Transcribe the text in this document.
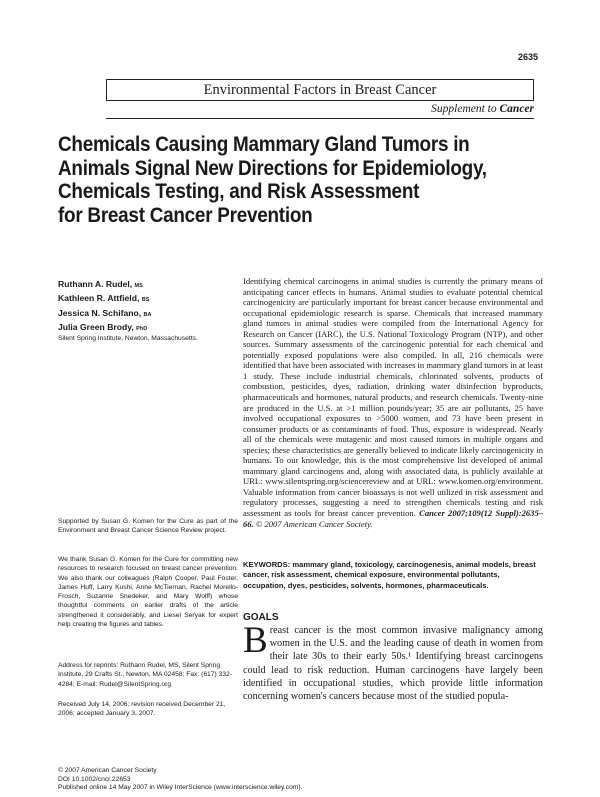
2635
Environmental Factors in Breast Cancer
Supplement to Cancer
Chemicals Causing Mammary Gland Tumors in
Animals Signal New Directions for Epidemiology,
Chemicals Testing, and Risk Assessment
for Breast Cancer Prevention
Ruthann A. Rudel, MS
Kathleen R. Attfield, BS
Jessica N. Schifano, BA
Julia Green Brody, PhD
Silent Spring Institute, Newton, Massachusetts.
Supported by Susan G. Komen for the Cure as part of the Environment and Breast Cancer Science Review project.
We thank Susan G. Komen for the Cure for committing new resources to research focused on breast cancer prevention. We also thank our colleagues (Ralph Cooper, Paul Foster, James Huff, Larry Kushi, Anne McTiernan, Rachel Morello-Frosch, Suzanne Snedeker, and Mary Wolff) whose thoughtful comments on earlier drafts of the article strengthened it considerably, and Liesel Seryak for expert help creating the figures and tables.
Address for reprints: Ruthann Rudel, MS, Silent Spring Institute, 29 Crafts St., Newton, MA 02458; Fax: (617) 332-4284; E-mail: Rudel@SilentSpring.org
Received July 14, 2006; revision received December 21, 2006; accepted January 3, 2007.
Identifying chemical carcinogens in animal studies is currently the primary means of anticipating cancer effects in humans. Animal studies to evaluate potential chemical carcinogenicity are particularly important for breast cancer because environmental and occupational epidemiologic research is sparse. Chemicals that increased mammary gland tumors in animal studies were compiled from the International Agency for Research on Cancer (IARC), the U.S. National Toxicology Program (NTP), and other sources. Summary assessments of the carcinogenic potential for each chemical and potentially exposed populations were also compiled. In all, 216 chemicals were identified that have been associated with increases in mammary gland tumors in at least 1 study. These include industrial chemicals, chlorinated solvents, products of combustion, pesticides, dyes, radiation, drinking water disinfection byproducts, pharmaceuticals and hormones, natural products, and research chemicals. Twenty-nine are produced in the U.S. at >1 million pounds/year; 35 are air pollutants, 25 have involved occupational exposures to >5000 women, and 73 have been present in consumer products or as contaminants of food. Thus, exposure is widespread. Nearly all of the chemicals were mutagenic and most caused tumors in multiple organs and species; these characteristics are generally believed to indicate likely carcinogenicity in humans. To our knowledge, this is the most comprehensive list developed of animal mammary gland carcinogens and, along with associated data, is publicly available at URL: www.silentspring.org/sciencereview and at URL: www.komen.org/environment. Valuable information from cancer bioassays is not well utilized in risk assessment and regulatory processes, suggesting a need to strengthen chemicals testing and risk assessment as tools for breast cancer prevention. Cancer 2007;109(12 Suppl):2635–66. © 2007 American Cancer Society.
KEYWORDS: mammary gland, toxicology, carcinogenesis, animal models, breast cancer, risk assessment, chemical exposure, environmental pollutants, occupation, dyes, pesticides, solvents, hormones, pharmaceuticals.
GOALS
Breast cancer is the most common invasive malignancy among women in the U.S. and the leading cause of death in women from their late 30s to their early 50s.¹ Identifying breast carcinogens could lead to risk reduction. Human carcinogens have largely been identified in occupational studies, which provide little information concerning women's cancers because most of the studied popula-
© 2007 American Cancer Society
DOI 10.1002/cncr.22653
Published online 14 May 2007 in Wiley InterScience (www.interscience.wiley.com).
